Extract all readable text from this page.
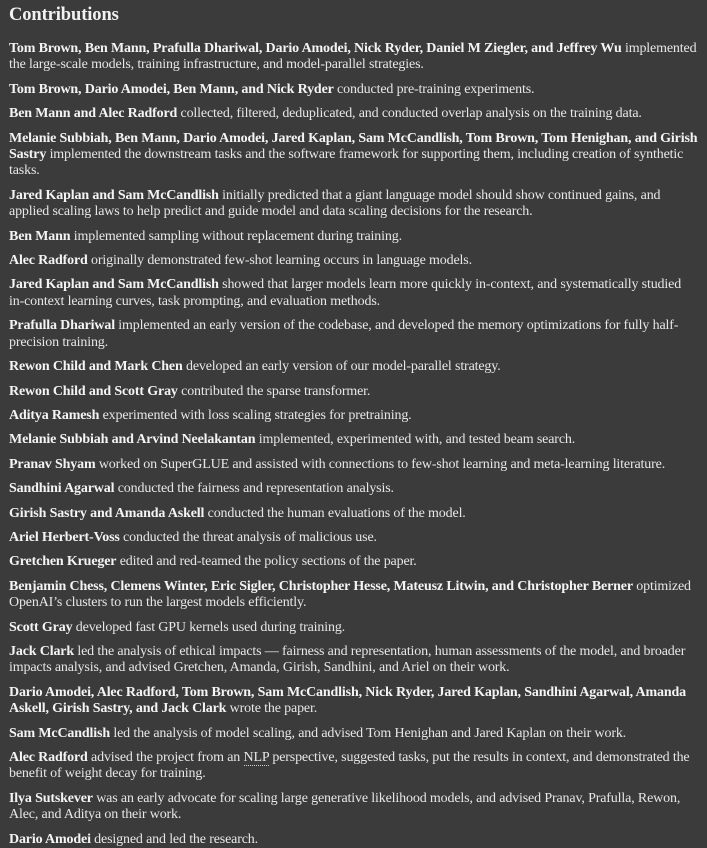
Contributions

Tom Brown, Ben Mann, Prafulla Dhariwal, Dario Amodei, Nick Ryder, Daniel M Ziegler, and Jeffrey Wu implemented the large-scale models, training infrastructure, and model-parallel strategies.

Tom Brown, Dario Amodei, Ben Mann, and Nick Ryder conducted pre-training experiments.

Ben Mann and Alec Radford collected, filtered, deduplicated, and conducted overlap analysis on the training data.

Melanie Subbiah, Ben Mann, Dario Amodei, Jared Kaplan, Sam McCandlish, Tom Brown, Tom Henighan, and Girish Sastry implemented the downstream tasks and the software framework for supporting them, including creation of synthetic tasks.

Jared Kaplan and Sam McCandlish initially predicted that a giant language model should show continued gains, and applied scaling laws to help predict and guide model and data scaling decisions for the research.

Ben Mann implemented sampling without replacement during training.

Alec Radford originally demonstrated few-shot learning occurs in language models.

Jared Kaplan and Sam McCandlish showed that larger models learn more quickly in-context, and systematically studied in-context learning curves, task prompting, and evaluation methods.

Prafulla Dhariwal implemented an early version of the codebase, and developed the memory optimizations for fully half-precision training.

Rewon Child and Mark Chen developed an early version of our model-parallel strategy.

Rewon Child and Scott Gray contributed the sparse transformer.

Aditya Ramesh experimented with loss scaling strategies for pretraining.

Melanie Subbiah and Arvind Neelakantan implemented, experimented with, and tested beam search.

Pranav Shyam worked on SuperGLUE and assisted with connections to few-shot learning and meta-learning literature.

Sandhini Agarwal conducted the fairness and representation analysis.

Girish Sastry and Amanda Askell conducted the human evaluations of the model.

Ariel Herbert-Voss conducted the threat analysis of malicious use.

Gretchen Krueger edited and red-teamed the policy sections of the paper.

Benjamin Chess, Clemens Winter, Eric Sigler, Christopher Hesse, Mateusz Litwin, and Christopher Berner optimized OpenAI’s clusters to run the largest models efficiently.

Scott Gray developed fast GPU kernels used during training.

Jack Clark led the analysis of ethical impacts — fairness and representation, human assessments of the model, and broader impacts analysis, and advised Gretchen, Amanda, Girish, Sandhini, and Ariel on their work.

Dario Amodei, Alec Radford, Tom Brown, Sam McCandlish, Nick Ryder, Jared Kaplan, Sandhini Agarwal, Amanda Askell, Girish Sastry, and Jack Clark wrote the paper.

Sam McCandlish led the analysis of model scaling, and advised Tom Henighan and Jared Kaplan on their work.

Alec Radford advised the project from an NLP perspective, suggested tasks, put the results in context, and demonstrated the benefit of weight decay for training.

Ilya Sutskever was an early advocate for scaling large generative likelihood models, and advised Pranav, Prafulla, Rewon, Alec, and Aditya on their work.

Dario Amodei designed and led the research.
